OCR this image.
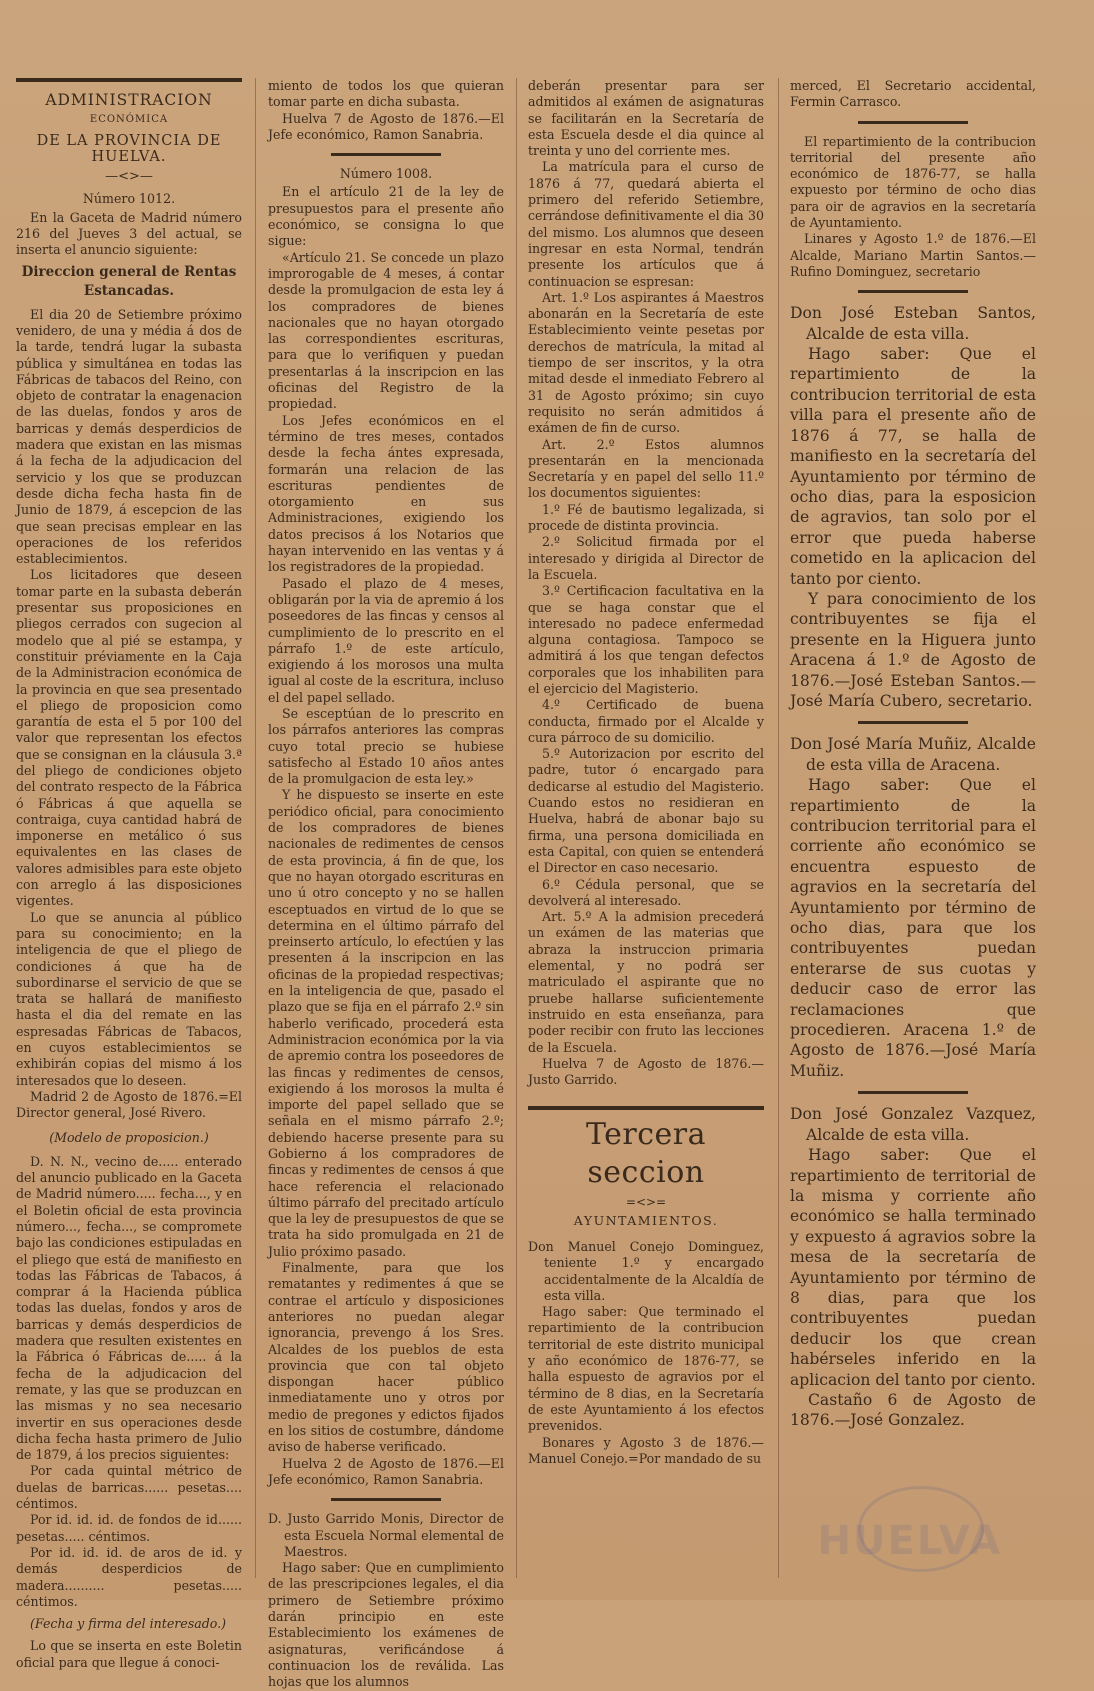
ADMINISTRACION
ECONÓMICA
DE LA PROVINCIA DE HUELVA.
—<>—

Número 1012.

En la Gaceta de Madrid número 216 del Jueves 3 del actual, se inserta el anuncio siguiente:

Direccion general de Rentas Estancadas.

El dia 20 de Setiembre próximo venidero, de una y média á dos de la tarde, tendrá lugar la subasta pública y simultánea en todas las Fábricas de tabacos del Reino, con objeto de contratar la enagenacion de las duelas, fondos y aros de barricas y demás desperdicios de madera que existan en las mismas á la fecha de la adjudicacion del servicio y los que se produzcan desde dicha fecha hasta fin de Junio de 1879, á escepcion de las que sean precisas emplear en las operaciones de los referidos establecimientos.

Los licitadores que deseen tomar parte en la subasta deberán presentar sus proposiciones en pliegos cerrados con sugecion al modelo que al pié se estampa, y constituir préviamente en la Caja de la Administracion económica de la provincia en que sea presentado el pliego de proposicion como garantía de esta el 5 por 100 del valor que representan los efectos que se consignan en la cláusula 3.ª del pliego de condiciones objeto del contrato respecto de la Fábrica ó Fábricas á que aquella se contraiga, cuya cantidad habrá de imponerse en metálico ó sus equivalentes en las clases de valores admisibles para este objeto con arreglo á las disposiciones vigentes.

Lo que se anuncia al público para su conocimiento; en la inteligencia de que el pliego de condiciones á que ha de subordinarse el servicio de que se trata se hallará de manifiesto hasta el dia del remate en las espresadas Fábricas de Tabacos, en cuyos establecimientos se exhibirán copias del mismo á los interesados que lo deseen.

Madrid 2 de Agosto de 1876.=El Director general, José Rivero.

(Modelo de proposicion.)

D. N. N., vecino de..... enterado del anuncio publicado en la Gaceta de Madrid número..... fecha..., y en el Boletin oficial de esta provincia número..., fecha..., se compromete bajo las condiciones estipuladas en el pliego que está de manifiesto en todas las Fábricas de Tabacos, á comprar á la Hacienda pública todas las duelas, fondos y aros de barricas y demás desperdicios de madera que resulten existentes en la Fábrica ó Fábricas de..... á la fecha de la adjudicacion del remate, y las que se produzcan en las mismas y no sea necesario invertir en sus operaciones desde dicha fecha hasta primero de Julio de 1879, á los precios siguientes:

Por cada quintal métrico de duelas de barricas...... pesetas.... céntimos.

Por id. id. id. de fondos de id...... pesetas..... céntimos.

Por id. id. id. de aros de id. y demás desperdicios de madera.......... pesetas..... céntimos.

(Fecha y firma del interesado.)

Lo que se inserta en este Boletin oficial para que llegue á conoci-

miento de todos los que quieran tomar parte en dicha subasta.

Huelva 7 de Agosto de 1876.—El Jefe económico, Ramon Sanabria.

Número 1008.

En el artículo 21 de la ley de presupuestos para el presente año económico, se consigna lo que sigue:

«Artículo 21. Se concede un plazo improrogable de 4 meses, á contar desde la promulgacion de esta ley á los compradores de bienes nacionales que no hayan otorgado las correspondientes escrituras, para que lo verifiquen y puedan presentarlas á la inscripcion en las oficinas del Registro de la propiedad.

Los Jefes económicos en el término de tres meses, contados desde la fecha ántes expresada, formarán una relacion de las escrituras pendientes de otorgamiento en sus Administraciones, exigiendo los datos precisos á los Notarios que hayan intervenido en las ventas y á los registradores de la propiedad.

Pasado el plazo de 4 meses, obligarán por la via de apremio á los poseedores de las fincas y censos al cumplimiento de lo prescrito en el párrafo 1.º de este artículo, exigiendo á los morosos una multa igual al coste de la escritura, incluso el del papel sellado.

Se esceptúan de lo prescrito en los párrafos anteriores las compras cuyo total precio se hubiese satisfecho al Estado 10 años antes de la promulgacion de esta ley.»

Y he dispuesto se inserte en este periódico oficial, para conocimiento de los compradores de bienes nacionales de redimentes de censos de esta provincia, á fin de que, los que no hayan otorgado escrituras en uno ú otro concepto y no se hallen esceptuados en virtud de lo que se determina en el último párrafo del preinserto artículo, lo efectúen y las presenten á la inscripcion en las oficinas de la propiedad respectivas; en la inteligencia de que, pasado el plazo que se fija en el párrafo 2.º sin haberlo verificado, procederá esta Administracion económica por la via de apremio contra los poseedores de las fincas y redimentes de censos, exigiendo á los morosos la multa é importe del papel sellado que se señala en el mismo párrafo 2.º; debiendo hacerse presente para su Gobierno á los compradores de fincas y redimentes de censos á que hace referencia el relacionado último párrafo del precitado artículo que la ley de presupuestos de que se trata ha sido promulgada en 21 de Julio próximo pasado.

Finalmente, para que los rematantes y redimentes á que se contrae el artículo y disposiciones anteriores no puedan alegar ignorancia, prevengo á los Sres. Alcaldes de los pueblos de esta provincia que con tal objeto dispongan hacer público inmediatamente uno y otros por medio de pregones y edictos fijados en los sitios de costumbre, dándome aviso de haberse verificado.

Huelva 2 de Agosto de 1876.—El Jefe económico, Ramon Sanabria.

D. Justo Garrido Monis, Director de esta Escuela Normal elemental de Maestros.

Hago saber: Que en cumplimiento de las prescripciones legales, el dia primero de Setiembre próximo darán principio en este Establecimiento los exámenes de asignaturas, verificándose á continuacion los de reválida. Las hojas que los alumnos

deberán presentar para ser admitidos al exámen de asignaturas se facilitarán en la Secretaría de esta Escuela desde el dia quince al treinta y uno del corriente mes.

La matrícula para el curso de 1876 á 77, quedará abierta el primero del referido Setiembre, cerrándose definitivamente el dia 30 del mismo. Los alumnos que deseen ingresar en esta Normal, tendrán presente los artículos que á continuacion se espresan:

Art. 1.º Los aspirantes á Maestros abonarán en la Secretaría de este Establecimiento veinte pesetas por derechos de matrícula, la mitad al tiempo de ser inscritos, y la otra mitad desde el inmediato Febrero al 31 de Agosto próximo; sin cuyo requisito no serán admitidos á exámen de fin de curso.

Art. 2.º Estos alumnos presentarán en la mencionada Secretaría y en papel del sello 11.º los documentos siguientes:

1.º Fé de bautismo legalizada, si procede de distinta provincia.

2.º Solicitud firmada por el interesado y dirigida al Director de la Escuela.

3.º Certificacion facultativa en la que se haga constar que el interesado no padece enfermedad alguna contagiosa. Tampoco se admitirá á los que tengan defectos corporales que los inhabiliten para el ejercicio del Magisterio.

4.º Certificado de buena conducta, firmado por el Alcalde y cura párroco de su domicilio.

5.º Autorizacion por escrito del padre, tutor ó encargado para dedicarse al estudio del Magisterio. Cuando estos no residieran en Huelva, habrá de abonar bajo su firma, una persona domiciliada en esta Capital, con quien se entenderá el Director en caso necesario.

6.º Cédula personal, que se devolverá al interesado.

Art. 5.º A la admision precederá un exámen de las materias que abraza la instruccion primaria elemental, y no podrá ser matriculado el aspirante que no pruebe hallarse suficientemente instruido en esta enseñanza, para poder recibir con fruto las lecciones de la Escuela.

Huelva 7 de Agosto de 1876.—Justo Garrido.

Tercera seccion
=<>=
AYUNTAMIENTOS.

Don Manuel Conejo Dominguez, teniente 1.º y encargado accidentalmente de la Alcaldía de esta villa.

Hago saber: Que terminado el repartimiento de la contribucion territorial de este distrito municipal y año económico de 1876-77, se halla espuesto de agravios por el término de 8 dias, en la Secretaría de este Ayuntamiento á los efectos prevenidos.

Bonares y Agosto 3 de 1876.—Manuel Conejo.=Por mandado de su

merced, El Secretario accidental, Fermin Carrasco.

El repartimiento de la contribucion territorial del presente año económico de 1876-77, se halla expuesto por término de ocho dias para oir de agravios en la secretaría de Ayuntamiento.

Linares y Agosto 1.º de 1876.—El Alcalde, Mariano Martin Santos.—Rufino Dominguez, secretario

Don José Esteban Santos, Alcalde de esta villa.

Hago saber: Que el repartimiento de la contribucion territorial de esta villa para el presente año de 1876 á 77, se halla de manifiesto en la secretaría del Ayuntamiento por término de ocho dias, para la esposicion de agravios, tan solo por el error que pueda haberse cometido en la aplicacion del tanto por ciento.

Y para conocimiento de los contribuyentes se fija el presente en la Higuera junto Aracena á 1.º de Agosto de 1876.—José Esteban Santos.—José María Cubero, secretario.

Don José María Muñiz, Alcalde de esta villa de Aracena.

Hago saber: Que el repartimiento de la contribucion territorial para el corriente año económico se encuentra espuesto de agravios en la secretaría del Ayuntamiento por término de ocho dias, para que los contribuyentes puedan enterarse de sus cuotas y deducir caso de error las reclamaciones que procedieren. Aracena 1.º de Agosto de 1876.—José María Muñiz.

Don José Gonzalez Vazquez, Alcalde de esta villa.

Hago saber: Que el repartimiento de territorial de la misma y corriente año económico se halla terminado y expuesto á agravios sobre la mesa de la secretaría de Ayuntamiento por término de 8 dias, para que los contribuyentes puedan deducir los que crean habérseles inferido en la aplicacion del tanto por ciento.

Castaño 6 de Agosto de 1876.—José Gonzalez.

HUELVA
